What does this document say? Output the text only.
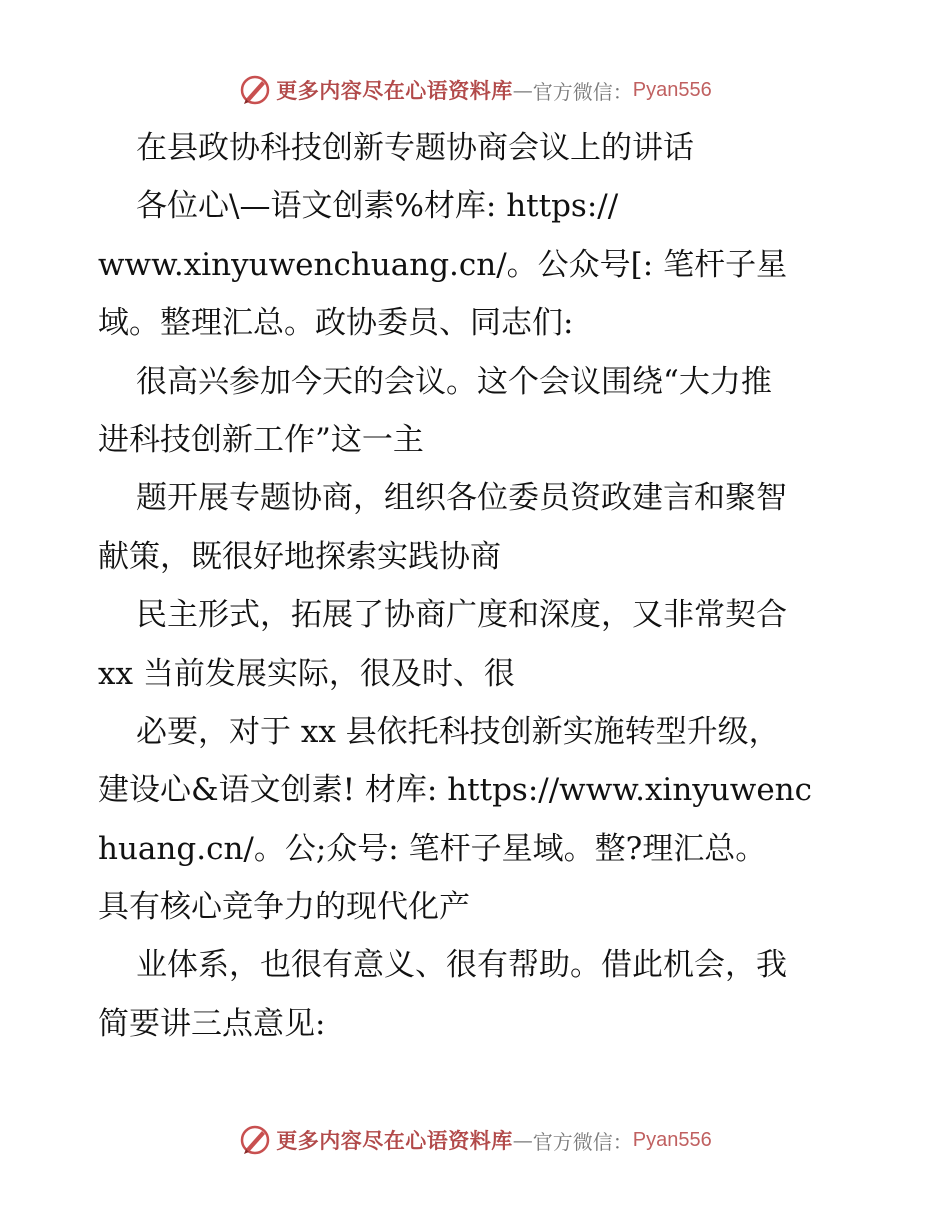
更多内容尽在心语资料库 — 官方微信： Pyan556
在县政协科技创新专题协商会议上的讲话
各位心\—语文创素%材库: https://
www.xinyuwenchuang.cn/。公众号[: 笔杆子星
域。整理汇总。政协委员、同志们:
很高兴参加今天的会议。这个会议围绕“大力推
进科技创新工作”这一主
题开展专题协商，组织各位委员资政建言和聚智
献策，既很好地探索实践协商
民主形式，拓展了协商广度和深度，又非常契合
xx 当前发展实际，很及时、很
必要，对于 xx 县依托科技创新实施转型升级，
建设心&语文创素! 材库: https://www.xinyuwenc
huang.cn/。公;众号: 笔杆子星域。整?理汇总。
具有核心竞争力的现代化产
业体系，也很有意义、很有帮助。借此机会，我
简要讲三点意见:
更多内容尽在心语资料库 — 官方微信： Pyan556
